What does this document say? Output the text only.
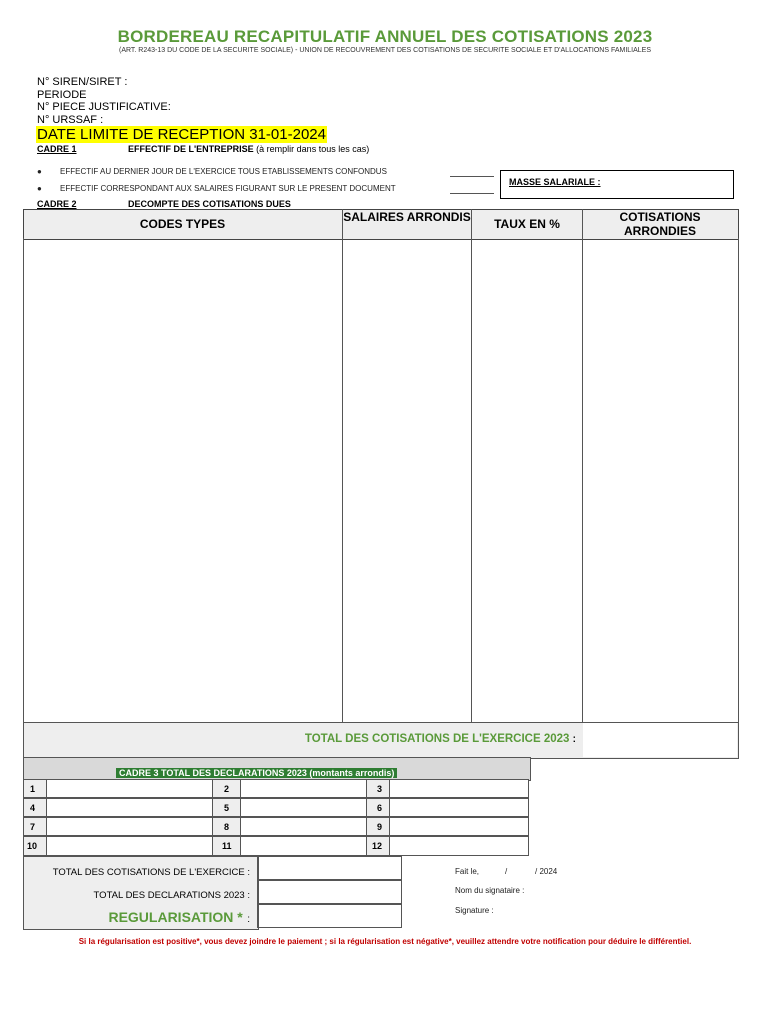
BORDEREAU RECAPITULATIF ANNUEL DES COTISATIONS 2023
(ART. R243-13 DU CODE DE LA SECURITE SOCIALE) - UNION DE RECOUVREMENT DES COTISATIONS DE SECURITE SOCIALE ET D'ALLOCATIONS FAMILIALES
N° SIREN/SIRET :
PERIODE
N° PIECE JUSTIFICATIVE:
N° URSSAF :
DATE LIMITE DE RECEPTION 31-01-2024
CADRE 1	EFFECTIF DE L'ENTREPRISE (à remplir dans tous les cas)
● EFFECTIF AU DERNIER JOUR DE L'EXERCICE TOUS ETABLISSEMENTS CONFONDUS
● EFFECTIF CORRESPONDANT AUX SALAIRES FIGURANT SUR LE PRESENT DOCUMENT
MASSE SALARIALE :
CADRE 2	DECOMPTE DES COTISATIONS DUES
CODES TYPES	SALAIRES ARRONDIS	TAUX EN %	COTISATIONS ARRONDIES
TOTAL DES COTISATIONS DE L'EXERCICE 2023 :
CADRE 3 TOTAL DES DECLARATIONS 2023 (montants arrondis)
1	2	3
4	5	6
7	8	9
10	11	12
TOTAL DES COTISATIONS DE L'EXERCICE :
TOTAL DES DECLARATIONS 2023 :
REGULARISATION * :
Fait le,	/	/ 2024
Nom du signataire :
Signature :
Si la régularisation est positive*, vous devez joindre le paiement ; si la régularisation est négative*, veuillez attendre votre notification pour déduire le différentiel.
